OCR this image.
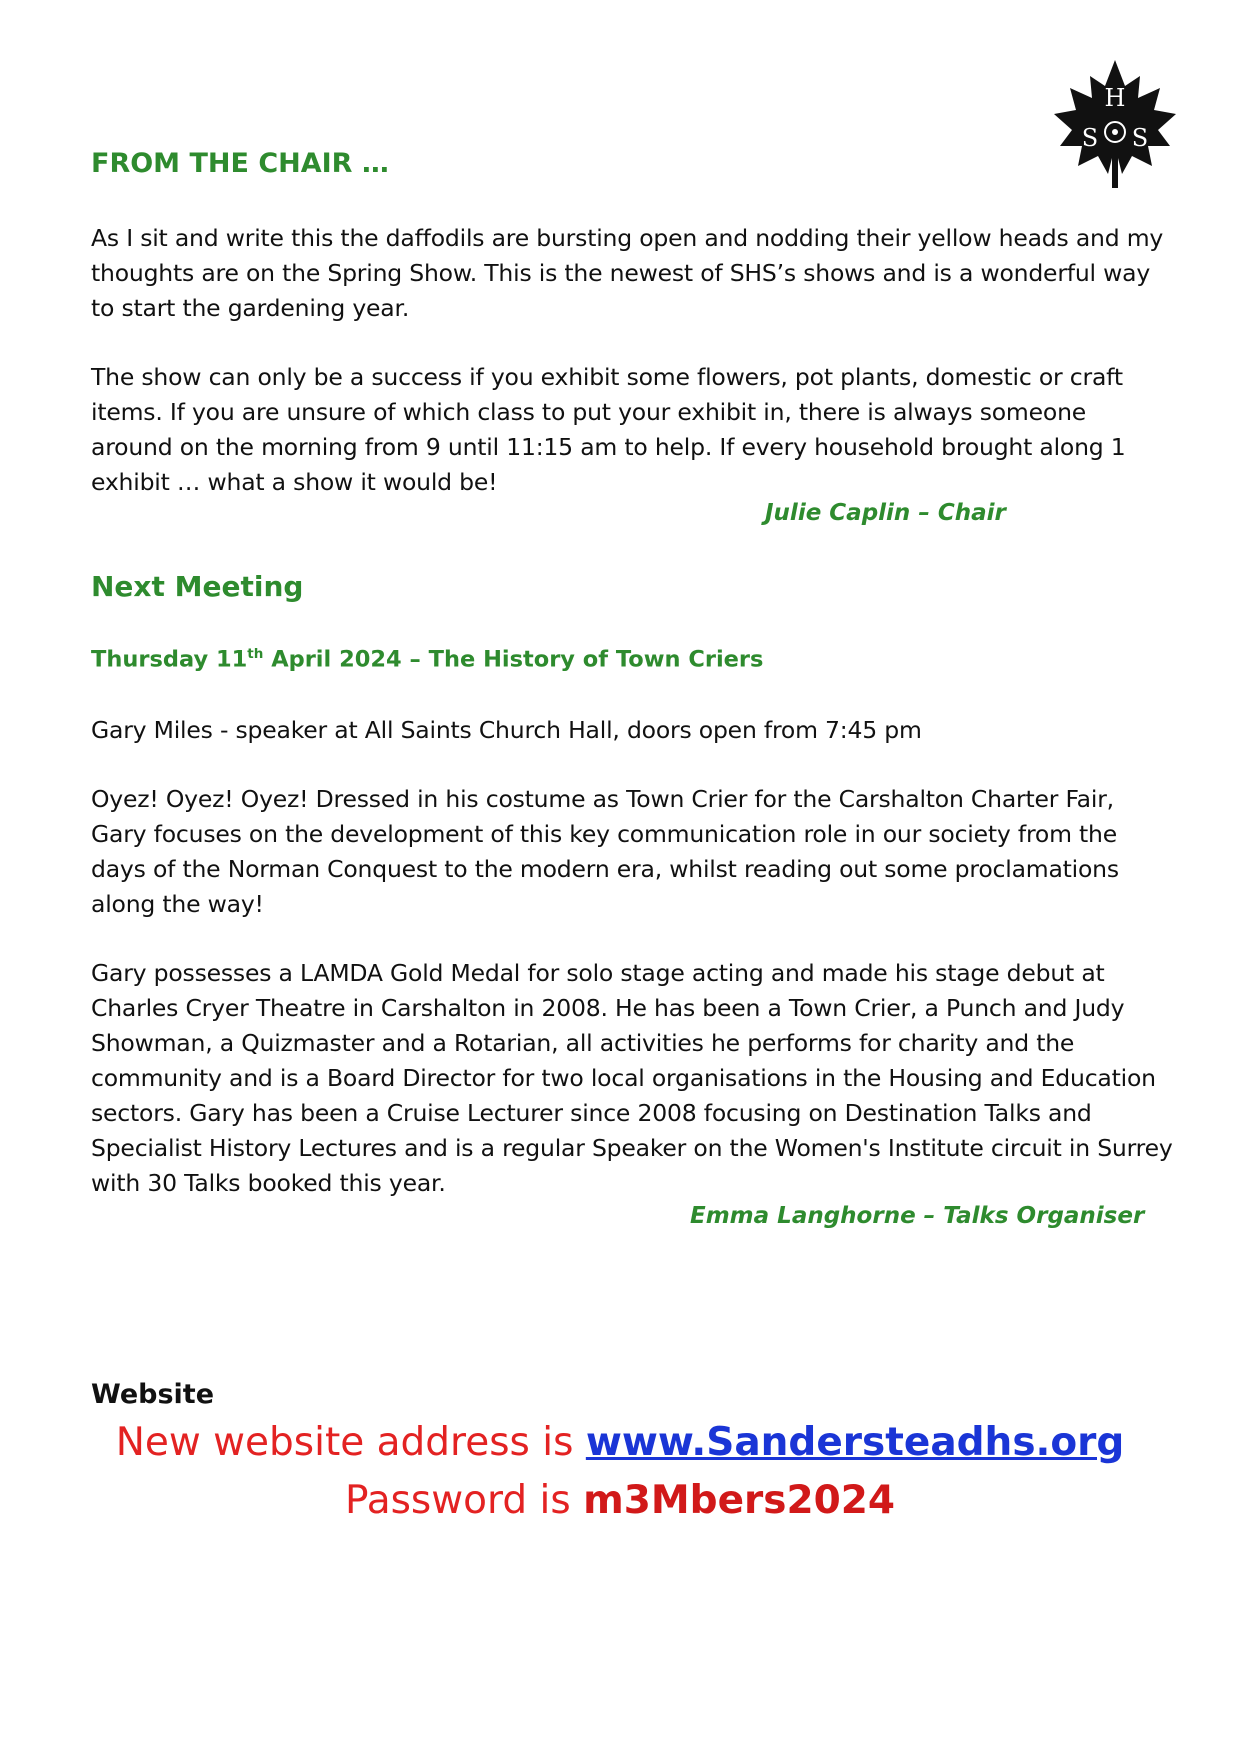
H
S S
FROM THE CHAIR …

As I sit and write this the daffodils are bursting open and nodding their yellow heads and my thoughts are on the Spring Show. This is the newest of SHS’s shows and is a wonderful way to start the gardening year.

The show can only be a success if you exhibit some flowers, pot plants, domestic or craft items. If you are unsure of which class to put your exhibit in, there is always someone around on the morning from 9 until 11:15 am to help. If every household brought along 1 exhibit … what a show it would be!

Julie Caplin – Chair

Next Meeting

Thursday 11th April 2024 – The History of Town Criers

Gary Miles - speaker at All Saints Church Hall, doors open from 7:45 pm

Oyez! Oyez! Oyez! Dressed in his costume as Town Crier for the Carshalton Charter Fair, Gary focuses on the development of this key communication role in our society from the days of the Norman Conquest to the modern era, whilst reading out some proclamations along the way!

Gary possesses a LAMDA Gold Medal for solo stage acting and made his stage debut at Charles Cryer Theatre in Carshalton in 2008. He has been a Town Crier, a Punch and Judy Showman, a Quizmaster and a Rotarian, all activities he performs for charity and the community and is a Board Director for two local organisations in the Housing and Education sectors. Gary has been a Cruise Lecturer since 2008 focusing on Destination Talks and Specialist History Lectures and is a regular Speaker on the Women's Institute circuit in Surrey with 30 Talks booked this year.

Emma Langhorne – Talks Organiser

Website

New website address is www.Sandersteadhs.org

Password is m3Mbers2024
